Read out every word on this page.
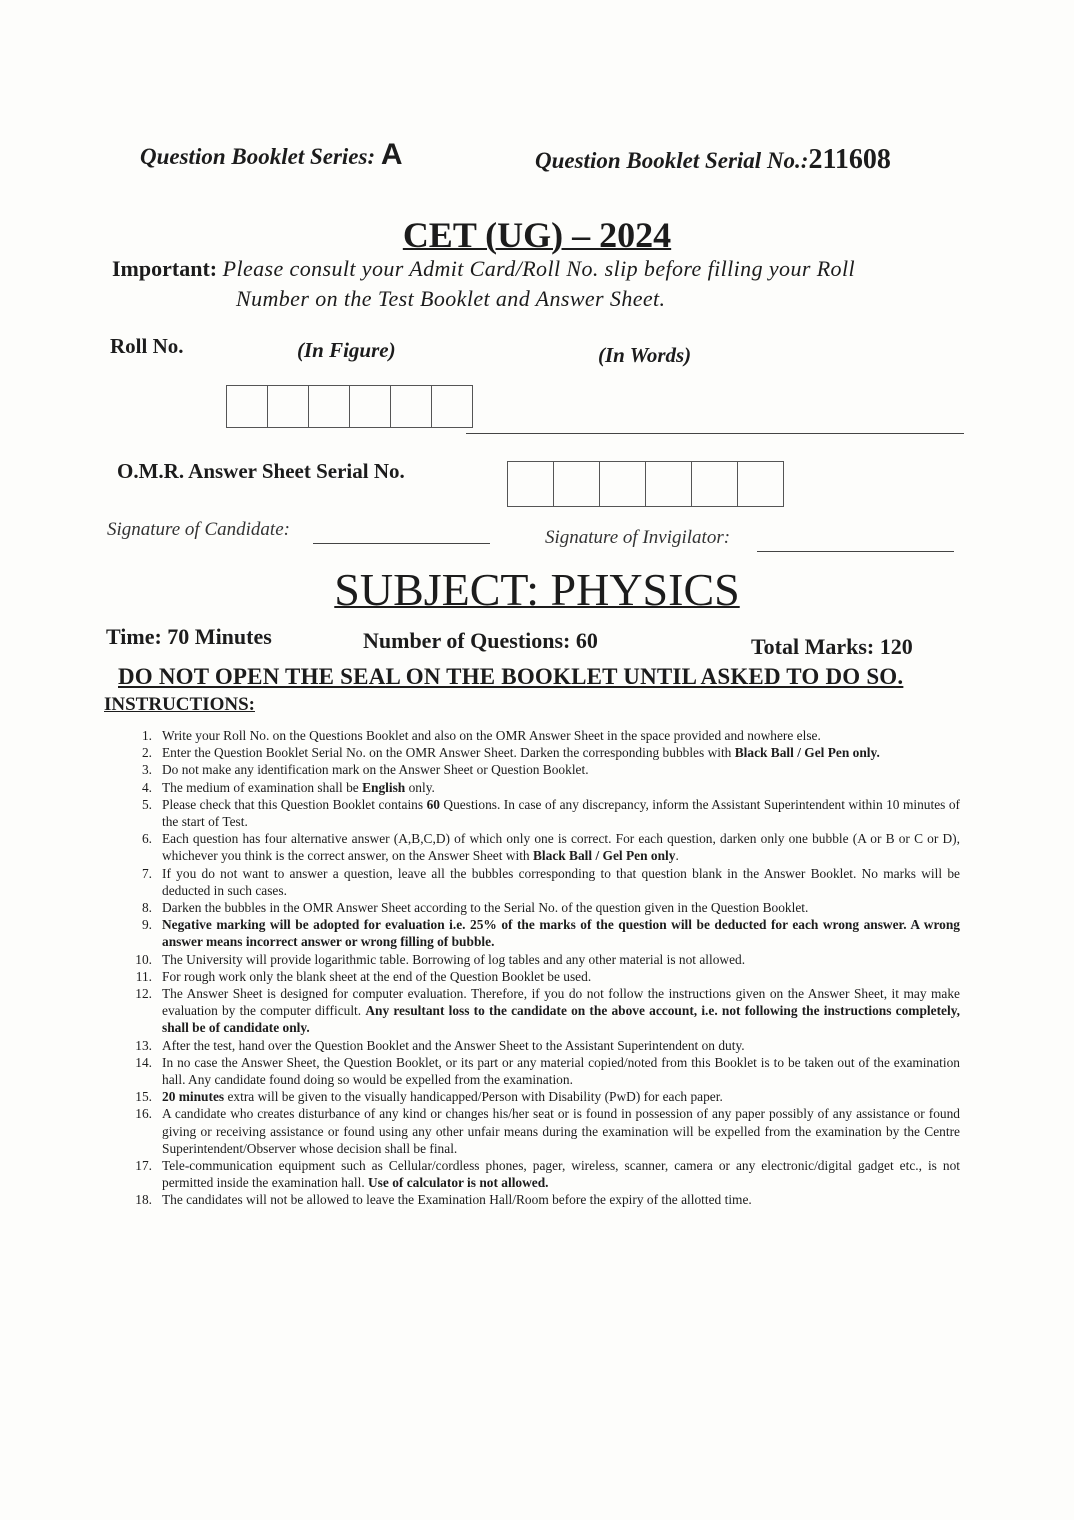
Question Booklet Series: A	Question Booklet Serial No.:211608
CET (UG) – 2024
Important: Please consult your Admit Card/Roll No. slip before filling your Roll
Number on the Test Booklet and Answer Sheet.
Roll No.	(In Figure)	(In Words)
O.M.R. Answer Sheet Serial No.
Signature of Candidate:	Signature of Invigilator:
SUBJECT: PHYSICS
Time: 70 Minutes	Number of Questions: 60	Total Marks: 120
DO NOT OPEN THE SEAL ON THE BOOKLET UNTIL ASKED TO DO SO.
INSTRUCTIONS:
1. Write your Roll No. on the Questions Booklet and also on the OMR Answer Sheet in the space provided and nowhere else.
2. Enter the Question Booklet Serial No. on the OMR Answer Sheet. Darken the corresponding bubbles with Black Ball / Gel Pen only.
3. Do not make any identification mark on the Answer Sheet or Question Booklet.
4. The medium of examination shall be English only.
5. Please check that this Question Booklet contains 60 Questions. In case of any discrepancy, inform the Assistant Superintendent within 10 minutes of the start of Test.
6. Each question has four alternative answer (A,B,C,D) of which only one is correct. For each question, darken only one bubble (A or B or C or D), whichever you think is the correct answer, on the Answer Sheet with Black Ball / Gel Pen only.
7. If you do not want to answer a question, leave all the bubbles corresponding to that question blank in the Answer Booklet. No marks will be deducted in such cases.
8. Darken the bubbles in the OMR Answer Sheet according to the Serial No. of the question given in the Question Booklet.
9. Negative marking will be adopted for evaluation i.e. 25% of the marks of the question will be deducted for each wrong answer. A wrong answer means incorrect answer or wrong filling of bubble.
10. The University will provide logarithmic table. Borrowing of log tables and any other material is not allowed.
11. For rough work only the blank sheet at the end of the Question Booklet be used.
12. The Answer Sheet is designed for computer evaluation. Therefore, if you do not follow the instructions given on the Answer Sheet, it may make evaluation by the computer difficult. Any resultant loss to the candidate on the above account, i.e. not following the instructions completely, shall be of candidate only.
13. After the test, hand over the Question Booklet and the Answer Sheet to the Assistant Superintendent on duty.
14. In no case the Answer Sheet, the Question Booklet, or its part or any material copied/noted from this Booklet is to be taken out of the examination hall. Any candidate found doing so would be expelled from the examination.
15. 20 minutes extra will be given to the visually handicapped/Person with Disability (PwD) for each paper.
16. A candidate who creates disturbance of any kind or changes his/her seat or is found in possession of any paper possibly of any assistance or found giving or receiving assistance or found using any other unfair means during the examination will be expelled from the examination by the Centre Superintendent/Observer whose decision shall be final.
17. Tele-communication equipment such as Cellular/cordless phones, pager, wireless, scanner, camera or any electronic/digital gadget etc., is not permitted inside the examination hall. Use of calculator is not allowed.
18. The candidates will not be allowed to leave the Examination Hall/Room before the expiry of the allotted time.
